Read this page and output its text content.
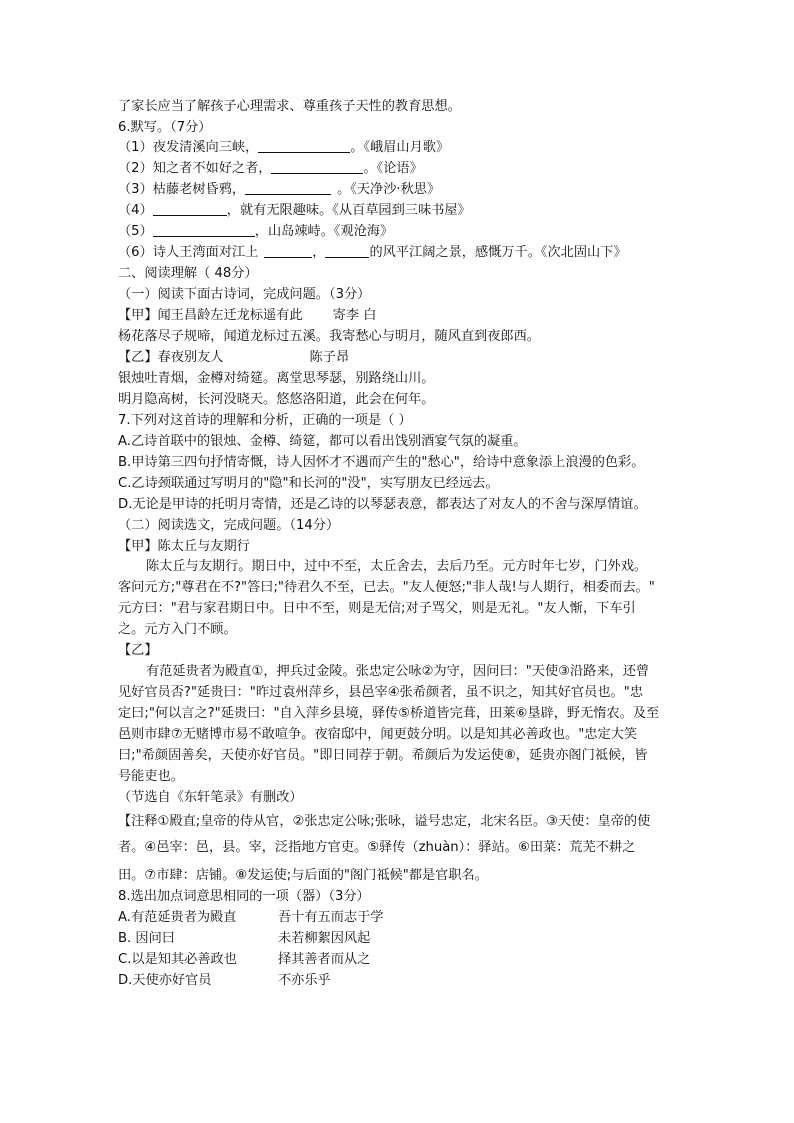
了家长应当了解孩子心理需求、尊重孩子天性的教育思想。
6.默写。（7分）
（1）夜发清溪向三峡，	。《峨眉山月歌》
（2）知之者不如好之者，	。《论语》
（3）枯藤老树昏鸦，	。《天净沙·秋思》
（4）	，就有无限趣味。《从百草园到三味书屋》
（5）	，山岛竦峙。《观沧海》
（6）诗人王湾面对江上	，	的风平江阔之景，感慨万千。《次北固山下》
二、阅读理解（ 48分）
（一）阅读下面古诗词，完成问题。（3分）
【甲】闻王昌龄左迁龙标遥有此 寄李 白
杨花落尽子规啼，闻道龙标过五溪。我寄愁心与明月，随风直到夜郎西。
【乙】春夜别友人	陈子昂
银烛吐青烟，金樽对绮筵。离堂思琴瑟，别路绕山川。
明月隐高树，长河没晓天。悠悠洛阳道，此会在何年。
7.下列对这首诗的理解和分析，正确的一项是（ ）
A.乙诗首联中的银烛、金樽、绮筵，都可以看出饯别酒宴气氛的凝重。
B.甲诗第三四句抒情寄慨，诗人因怀才不遇而产生的"愁心"，给诗中意象添上浪漫的色彩。
C.乙诗颈联通过写明月的"隐"和长河的"没"，实写朋友已经远去。
D.无论是甲诗的托明月寄情，还是乙诗的以琴瑟表意，都表达了对友人的不舍与深厚情谊。
（二）阅读选文，完成问题。（14分）
【甲】陈太丘与友期行
陈太丘与友期行。期日中，过中不至，太丘舍去，去后乃至。元方时年七岁，门外戏。
客问元方;"尊君在不?"答曰;"待君久不至，已去。"友人便怒;"非人哉!与人期行，相委而去。"
元方曰："君与家君期日中。日中不至，则是无信;对子骂父，则是无礼。"友人惭，下车引
之。元方入门不顾。
【乙】
有范延贵者为殿直①，押兵过金陵。张忠定公咏②为守，因问曰："天使③沿路来，还曾
见好官员否?"延贵曰："昨过袁州萍乡，县邑宰④张希颜者，虽不识之，知其好官员也。"忠
定曰;"何以言之?"延贵曰："自入萍乡县境，驿传⑤桥道皆完葺，田莱⑥垦辟，野无惰农。及至
邑则市肆⑦无赌博市易不敢喧争。夜宿邸中，闻更鼓分明。以是知其必善政也。"忠定大笑
曰;"希颜固善矣，天使亦好官员。"即日同荐于朝。希颜后为发运使⑧，延贵亦阁门祗候，皆
号能吏也。
（节选自《东轩笔录》有删改）
【注释①殿直;皇帝的侍从官，②张忠定公咏;张咏，谥号忠定，北宋名臣。③天使：皇帝的使
者。④邑宰：邑，县。宰，泛指地方官吏。⑤驿传（zhuàn）：驿站。⑥田菜：荒芜不耕之
田。⑦市肆：店铺。⑧发运使;与后面的"阁门祗候"都是官职名。
8.选出加点词意思相同的一项（器）（3分）
A.有范延贵者为殿直	吾十有五而志于学
B. 因问曰	未若柳絮因风起
C.以是知其必善政也	择其善者而从之
D.天使亦好官员	不亦乐乎
